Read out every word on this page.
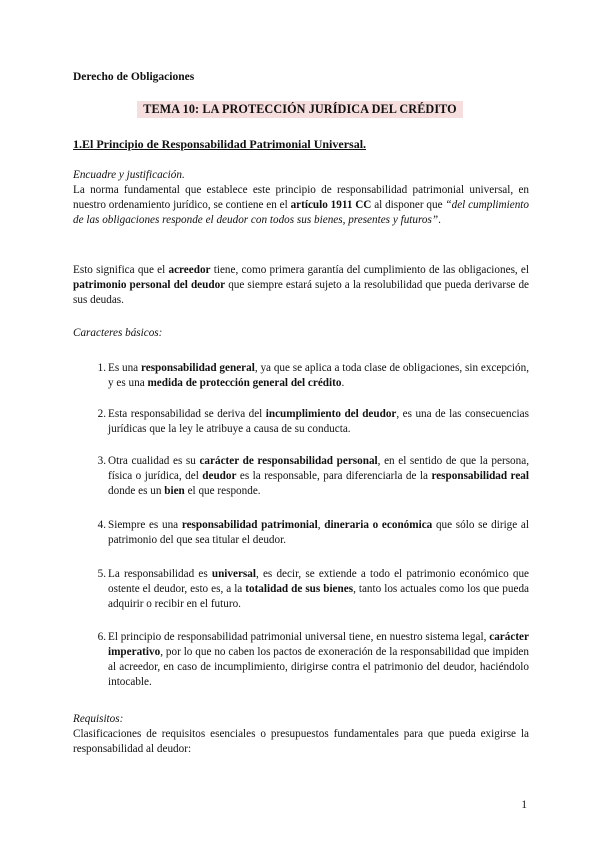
Derecho de Obligaciones
TEMA 10: LA PROTECCIÓN JURÍDICA DEL CRÉDITO
1.El Principio de Responsabilidad Patrimonial Universal.
Encuadre y justificación.
La norma fundamental que establece este principio de responsabilidad patrimonial universal, en nuestro ordenamiento jurídico, se contiene en el artículo 1911 CC al disponer que “del cumplimiento de las obligaciones responde el deudor con todos sus bienes, presentes y futuros”.
Esto significa que el acreedor tiene, como primera garantía del cumplimiento de las obligaciones, el patrimonio personal del deudor que siempre estará sujeto a la resolubilidad que pueda derivarse de sus deudas.
Caracteres básicos:
1. Es una responsabilidad general, ya que se aplica a toda clase de obligaciones, sin excepción, y es una medida de protección general del crédito.
2. Esta responsabilidad se deriva del incumplimiento del deudor, es una de las consecuencias jurídicas que la ley le atribuye a causa de su conducta.
3. Otra cualidad es su carácter de responsabilidad personal, en el sentido de que la persona, física o jurídica, del deudor es la responsable, para diferenciarla de la responsabilidad real donde es un bien el que responde.
4. Siempre es una responsabilidad patrimonial, dineraria o económica que sólo se dirige al patrimonio del que sea titular el deudor.
5. La responsabilidad es universal, es decir, se extiende a todo el patrimonio económico que ostente el deudor, esto es, a la totalidad de sus bienes, tanto los actuales como los que pueda adquirir o recibir en el futuro.
6. El principio de responsabilidad patrimonial universal tiene, en nuestro sistema legal, carácter imperativo, por lo que no caben los pactos de exoneración de la responsabilidad que impiden al acreedor, en caso de incumplimiento, dirigirse contra el patrimonio del deudor, haciéndolo intocable.
Requisitos:
Clasificaciones de requisitos esenciales o presupuestos fundamentales para que pueda exigirse la responsabilidad al deudor:
1
